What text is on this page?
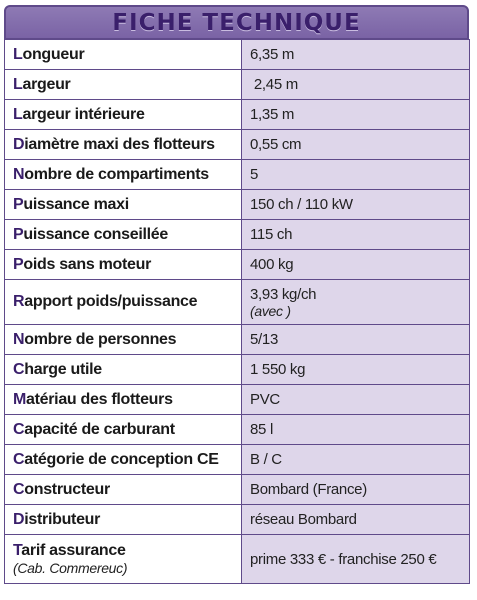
FICHE TECHNIQUE
Longueur	6,35 m
Largeur	2,45 m
Largeur intérieure	1,35 m
Diamètre maxi des flotteurs	0,55 cm
Nombre de compartiments	5
Puissance maxi	150 ch / 110 kW
Puissance conseillée	115 ch
Poids sans moteur	400 kg
Rapport poids/puissance	3,93 kg/ch
(avec )

Nombre de personnes	5/13
Charge utile	1 550 kg
Matériau des flotteurs	PVC
Capacité de carburant	85 l
Catégorie de conception CE	B / C
Constructeur	Bombard (France)
Distributeur	réseau Bombard
Tarif assurance
(Cab. Commereuc)	prime 333 € - franchise 250 €
